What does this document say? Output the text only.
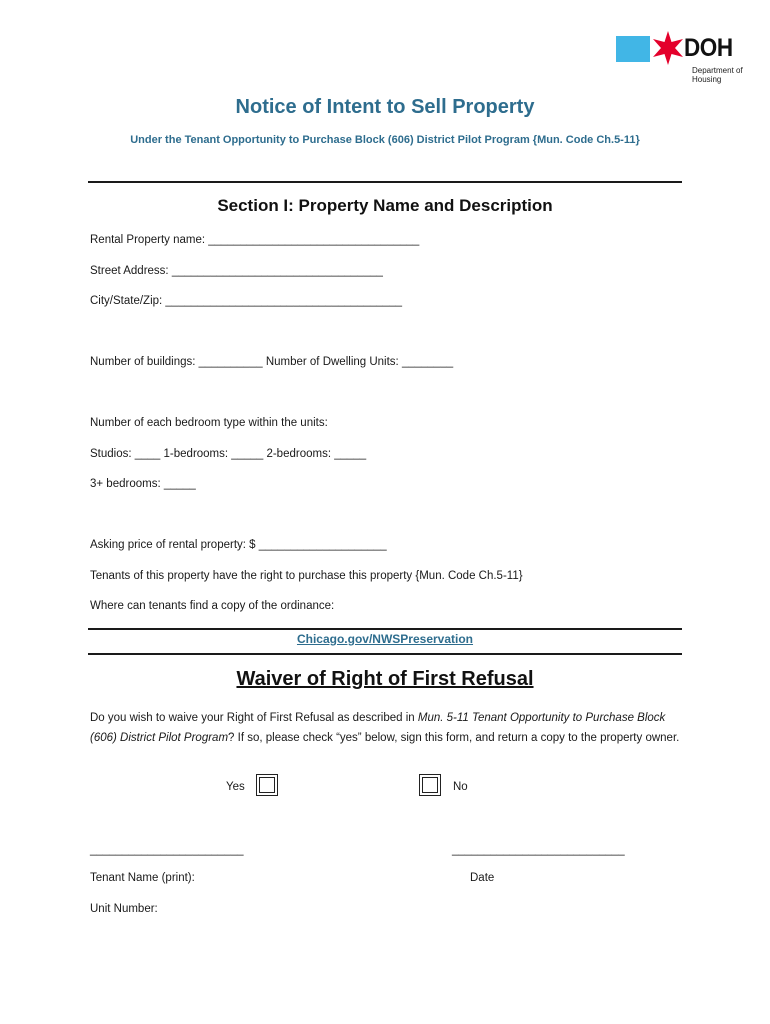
DOH
Department of
Housing
Notice of Intent to Sell Property
Under the Tenant Opportunity to Purchase Block (606) District Pilot Program {Mun. Code Ch.5-11}
Section I: Property Name and Description
Rental Property name: _________________________________
Street Address: _________________________________
City/State/Zip: _____________________________________
Number of buildings: __________ Number of Dwelling Units: ________
Number of each bedroom type within the units:
Studios: ____ 1-bedrooms: _____ 2-bedrooms: _____
3+ bedrooms: _____
Asking price of rental property: $ ____________________
Tenants of this property have the right to purchase this property {Mun. Code Ch.5-11}
Where can tenants find a copy of the ordinance:
Chicago.gov/NWSPreservation
Waiver of Right of First Refusal
Do you wish to waive your Right of First Refusal as described in Mun. 5-11 Tenant Opportunity to Purchase Block (606) District Pilot Program? If so, please check “yes” below, sign this form, and return a copy to the property owner.
Yes	No
________________________	___________________________
Tenant Name (print):	Date
Unit Number:
